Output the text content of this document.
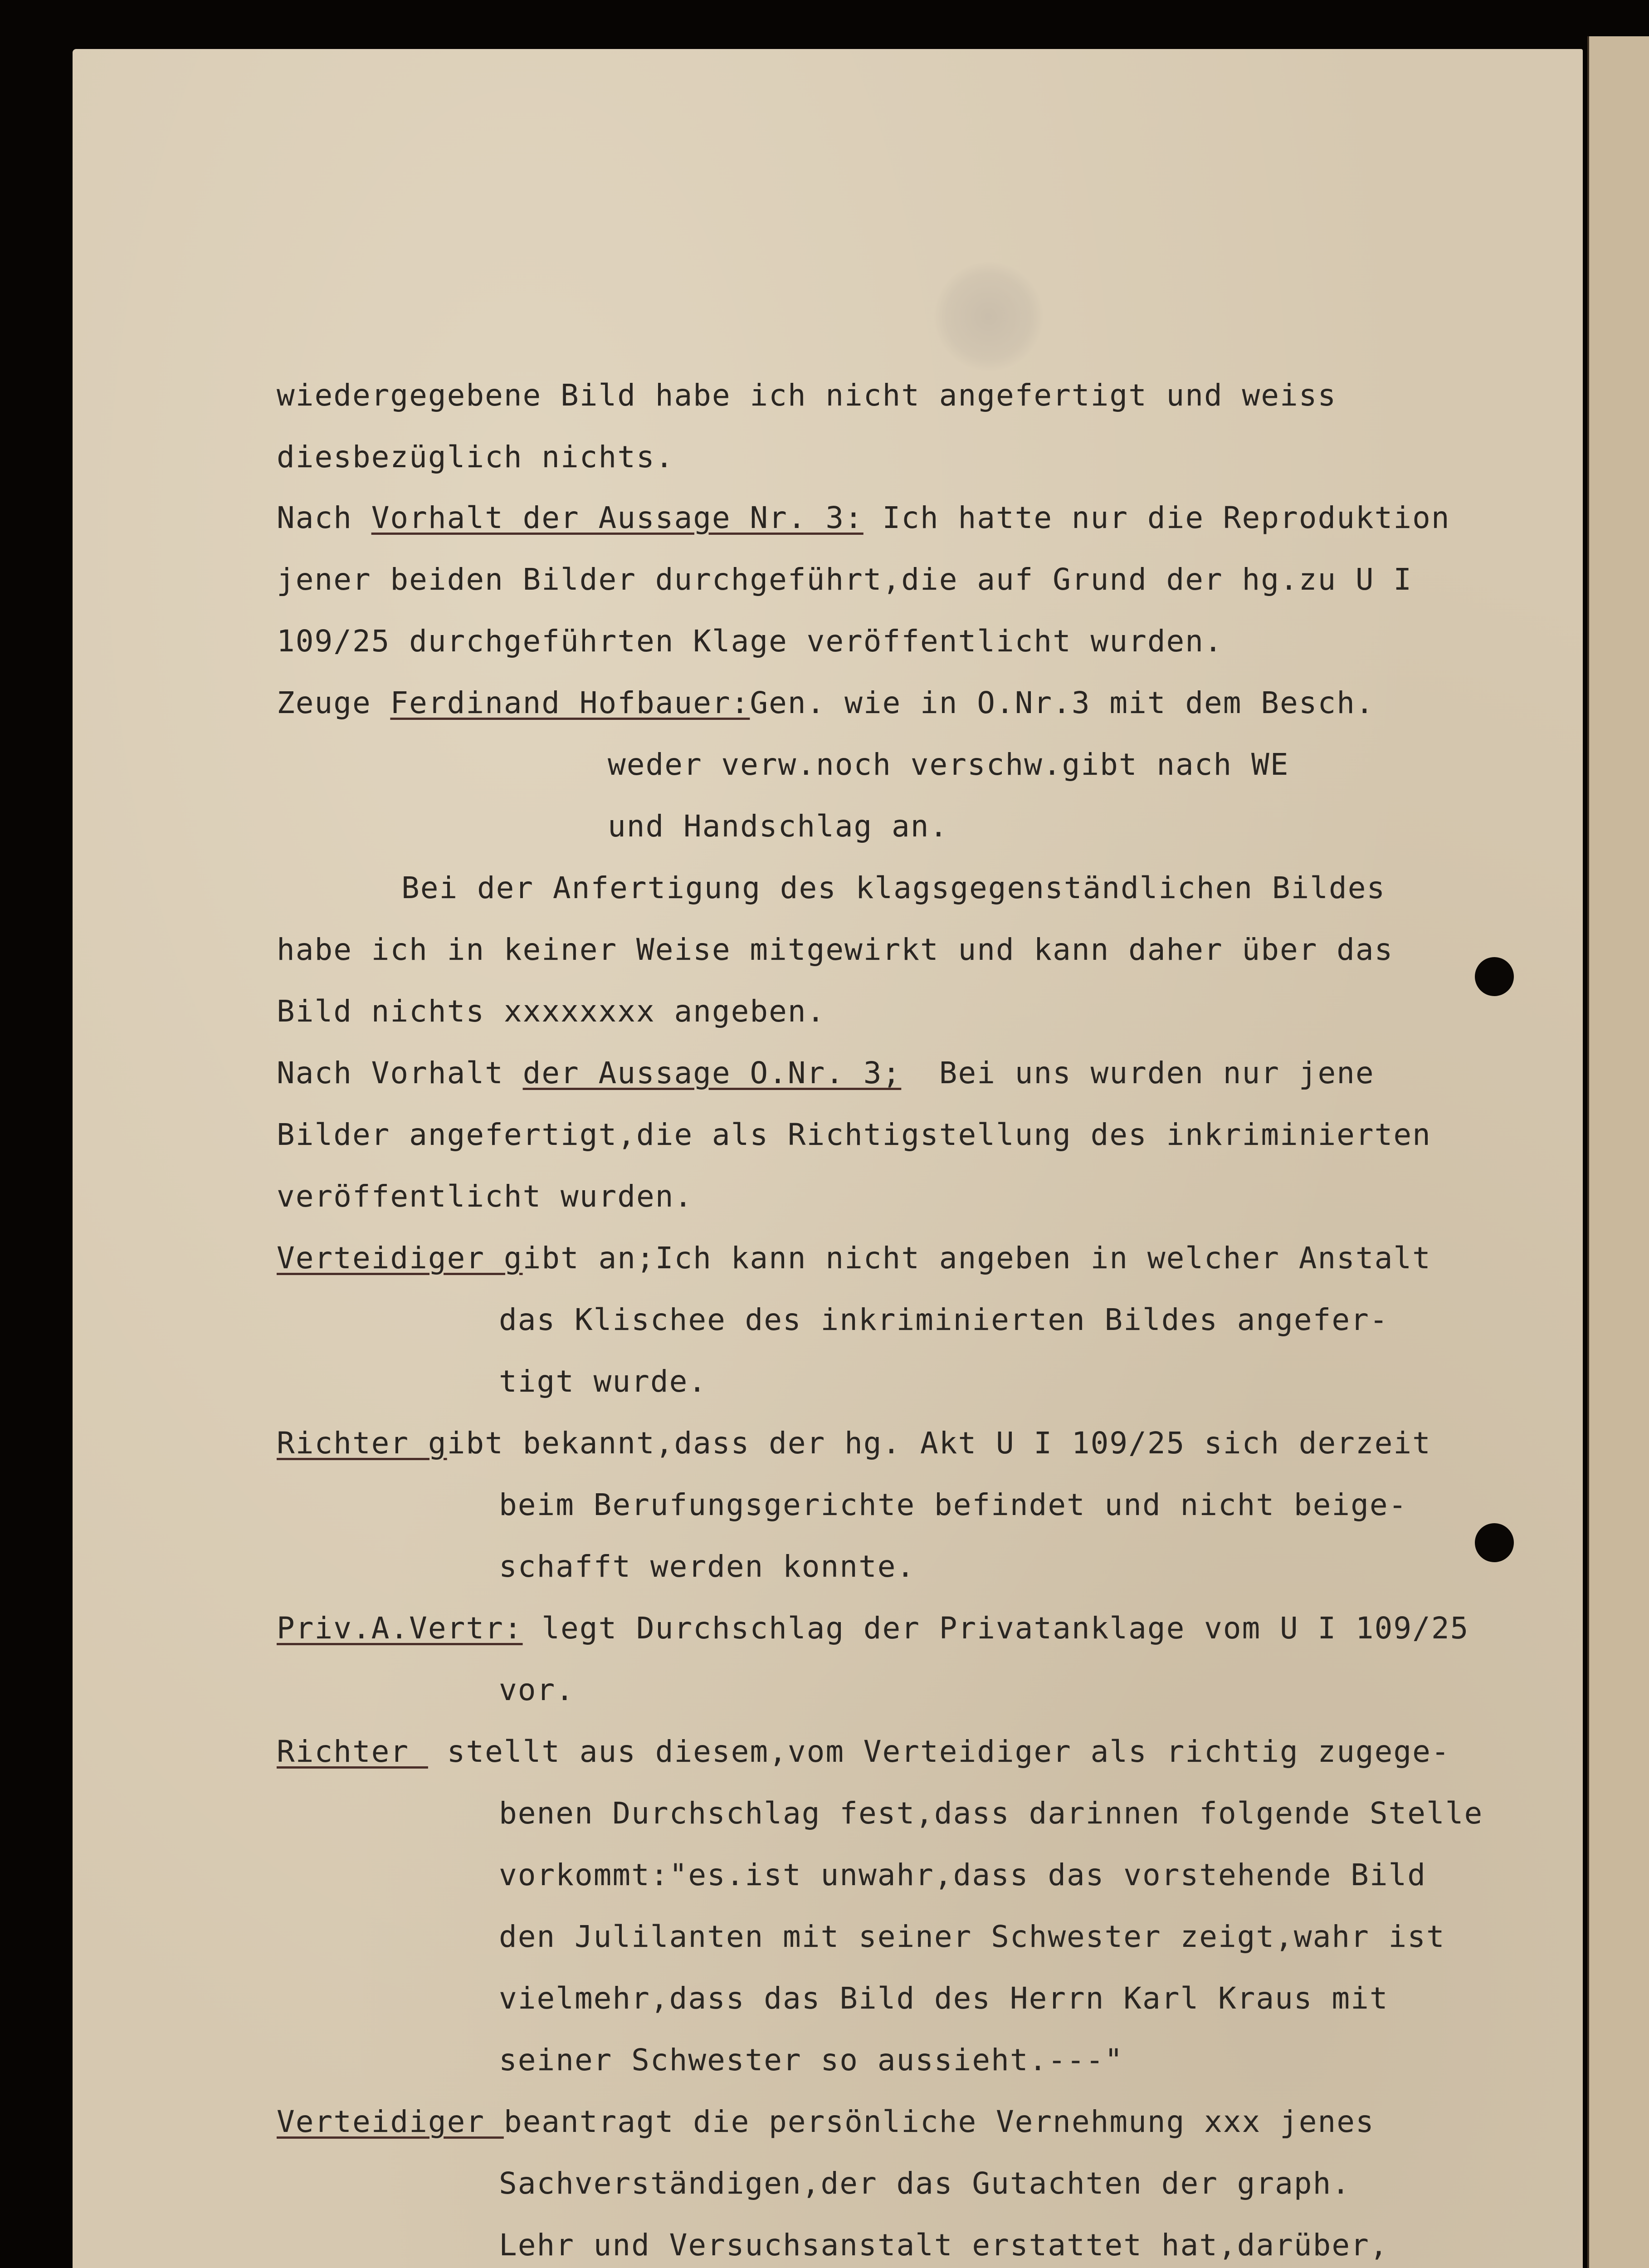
wiedergegebene Bild habe ich nicht angefertigt und weiss
diesbezüglich nichts.
Nach Vorhalt der Aussage Nr. 3: Ich hatte nur die Reproduktion
jener beiden Bilder durchgeführt,die auf Grund der hg.zu U I
109/25 durchgeführten Klage veröffentlicht wurden.
Zeuge Ferdinand Hofbauer:Gen. wie in O.Nr.3 mit dem Besch.
weder verw.noch verschw.gibt nach WE
und Handschlag an.
Bei der Anfertigung des klagsgegenständlichen Bildes
habe ich in keiner Weise mitgewirkt und kann daher über das
Bild nichts xxxxxxxx angeben.
Nach Vorhalt der Aussage O.Nr. 3;  Bei uns wurden nur jene
Bilder angefertigt,die als Richtigstellung des inkriminierten
veröffentlicht wurden.
Verteidiger gibt an;Ich kann nicht angeben in welcher Anstalt
das Klischee des inkriminierten Bildes angefer-
tigt wurde.
Richter gibt bekannt,dass der hg. Akt U I 109/25 sich derzeit
beim Berufungsgerichte befindet und nicht beige-
schafft werden konnte.
Priv.A.Vertr: legt Durchschlag der Privatanklage vom U I 109/25
vor.
Richter  stellt aus diesem,vom Verteidiger als richtig zugege-
benen Durchschlag fest,dass darinnen folgende Stelle
vorkommt:"es.ist unwahr,dass das vorstehende Bild
den Julilanten mit seiner Schwester zeigt,wahr ist
vielmehr,dass das Bild des Herrn Karl Kraus mit
seiner Schwester so aussieht.---"
Verteidiger beantragt die persönliche Vernehmung xxx jenes
Sachverständigen,der das Gutachten der graph.
Lehr und Versuchsanstalt erstattet hat,darüber,
